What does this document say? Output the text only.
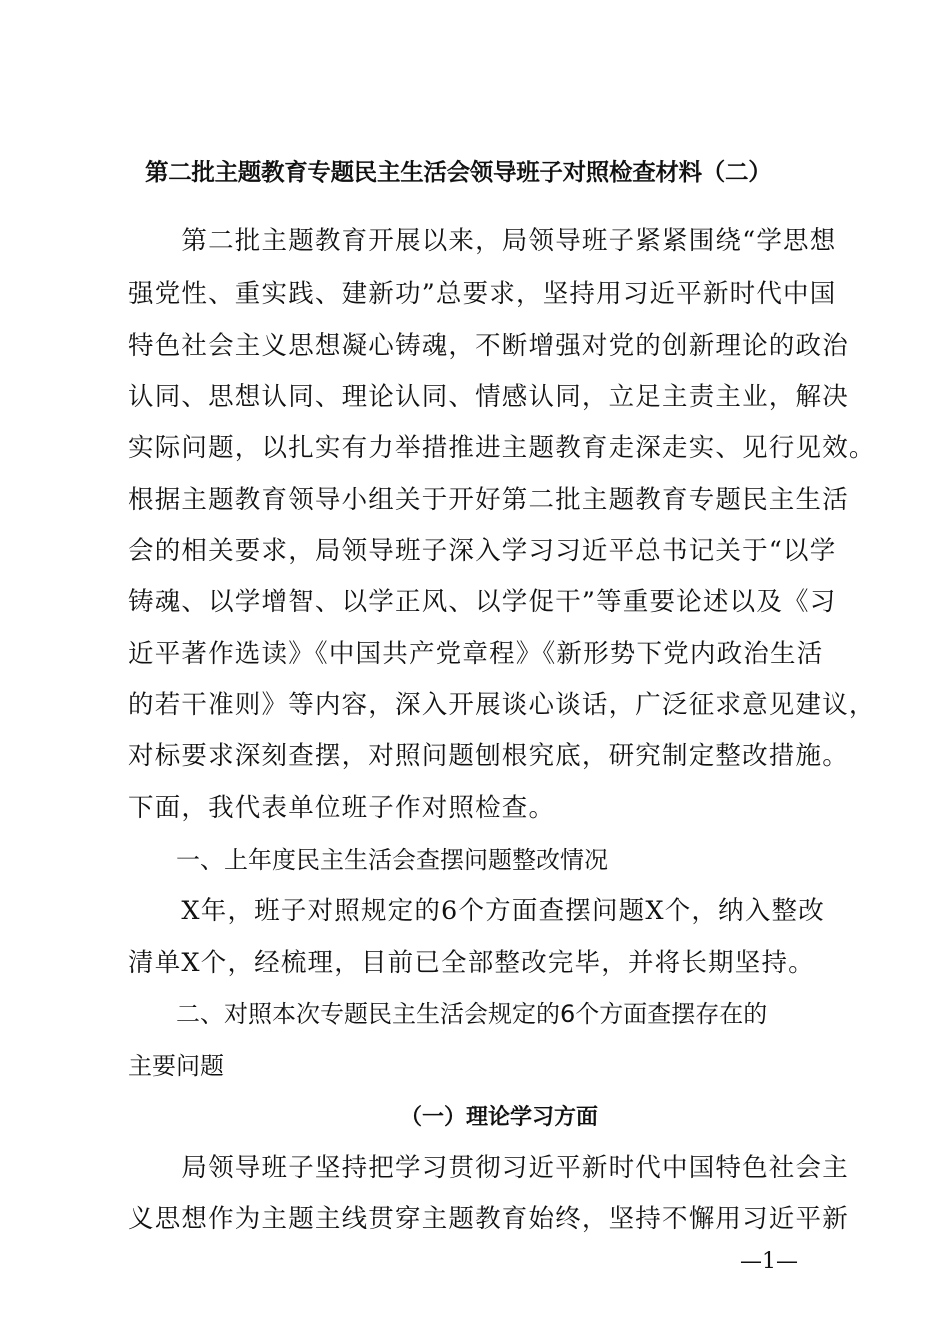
第二批主题教育专题民主生活会领导班子对照检查材料（二）
　　第二批主题教育开展以来，局领导班子紧紧围绕“学思想
强党性、重实践、建新功”总要求，坚持用习近平新时代中国
特色社会主义思想凝心铸魂，不断增强对党的创新理论的政治
认同、思想认同、理论认同、情感认同，立足主责主业，解决
实际问题，以扎实有力举措推进主题教育走深走实、见行见效。
根据主题教育领导小组关于开好第二批主题教育专题民主生活
会的相关要求，局领导班子深入学习习近平总书记关于“以学
铸魂、以学增智、以学正风、以学促干”等重要论述以及《习
近平著作选读》《中国共产党章程》《新形势下党内政治生活
的若干准则》等内容，深入开展谈心谈话，广泛征求意见建议，
对标要求深刻查摆，对照问题刨根究底，研究制定整改措施。
下面，我代表单位班子作对照检查。
　　一、上年度民主生活会查摆问题整改情况
　　X年，班子对照规定的6个方面查摆问题X个，纳入整改
清单X个，经梳理，目前已全部整改完毕，并将长期坚持。
　　二、对照本次专题民主生活会规定的6个方面查摆存在的
主要问题
（一）理论学习方面
　　局领导班子坚持把学习贯彻习近平新时代中国特色社会主
义思想作为主题主线贯穿主题教育始终，坚持不懈用习近平新
—1—
